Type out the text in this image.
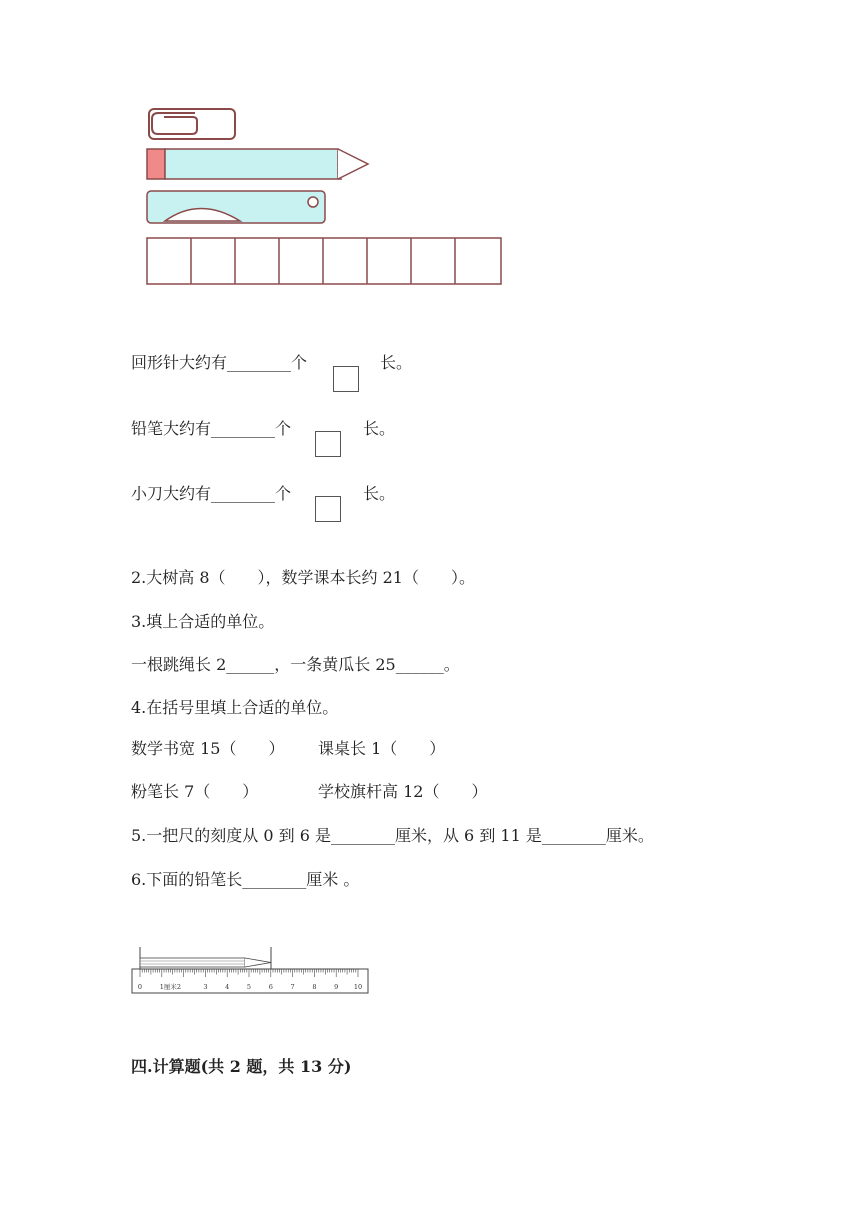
回形针大约有________个	长。
铅笔大约有________个	长。
小刀大约有________个	长。
2.大树高 8（　　），数学课本长约 21（　　）。
3.填上合适的单位。
一根跳绳长 2______，一条黄瓜长 25______。
4.在括号里填上合适的单位。
数学书宽 15（　　） 课桌长 1（　　）
粉笔长 7（　　）	学校旗杆高 12（　　）
5.一把尺的刻度从 0 到 6 是________厘米，从 6 到 11 是________厘米。
6.下面的铅笔长________厘米 。
0	1厘米2	3	4	5	6	7	8	9 10
四.计算题(共 2 题，共 13 分)
